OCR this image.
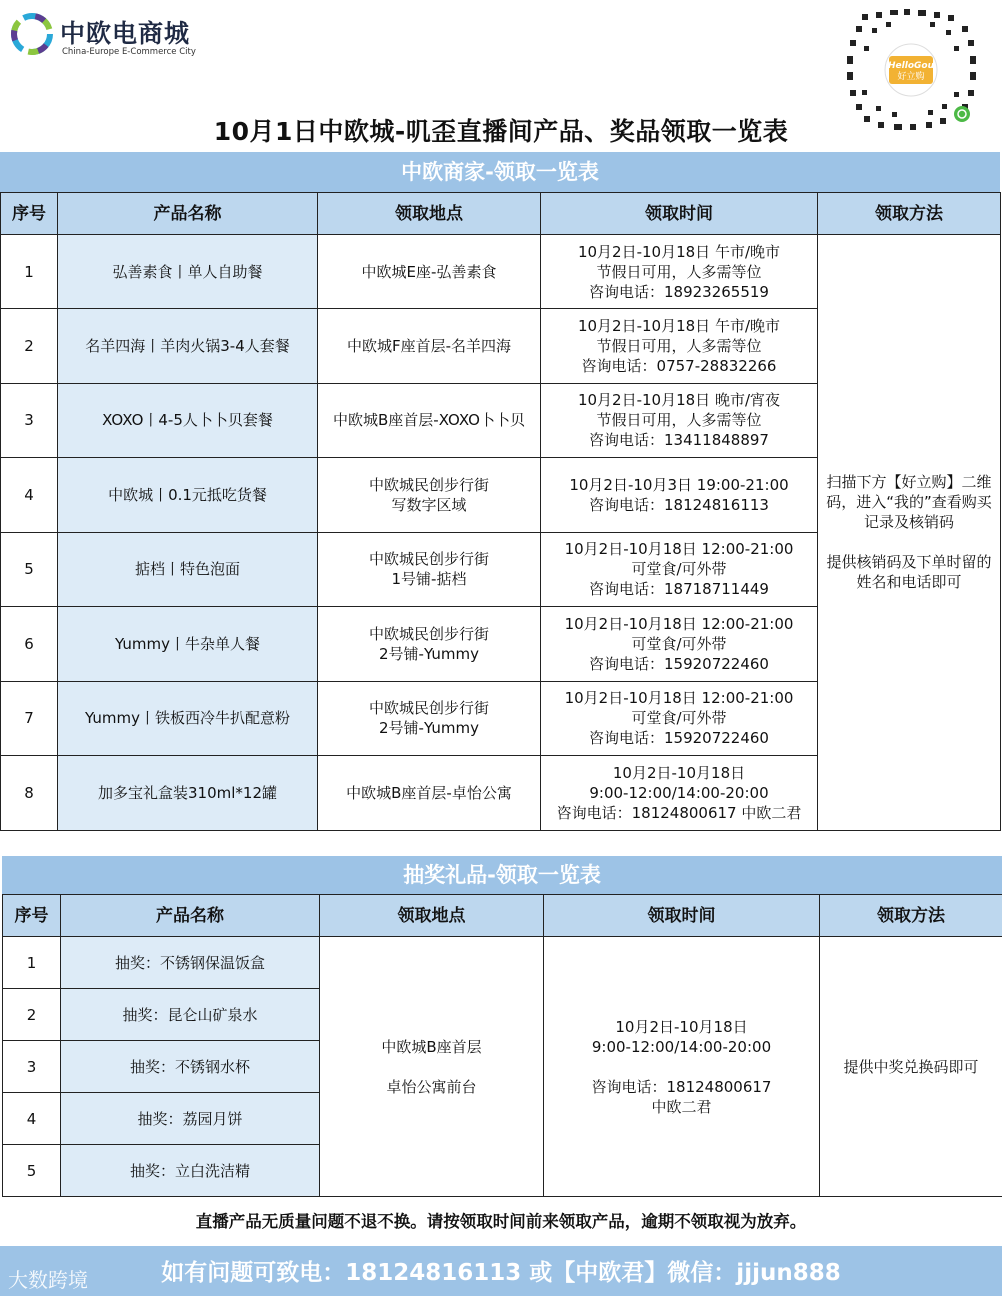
中欧电商城
China-Europe E-Commerce City
HelloGou
好立购
10月1日中欧城-叽歪直播间产品、奖品领取一览表
中欧商家-领取一览表
序号	产品名称	领取地点	领取时间	领取方法
1	弘善素食丨单人自助餐	中欧城E座-弘善素食	10月2日-10月18日 午市/晚市
节假日可用，人多需等位
咨询电话：18923265519	扫描下方【好立购】二维码，进入“我的”查看购买记录及核销码

提供核销码及下单时留的姓名和电话即可
2	名羊四海丨羊肉火锅3-4人套餐	中欧城F座首层-名羊四海	10月2日-10月18日 午市/晚市
节假日可用，人多需等位
咨询电话：0757-28832266	
3	XOXO丨4-5人卜卜贝套餐	中欧城B座首层-XOXO卜卜贝	10月2日-10月18日 晚市/宵夜
节假日可用，人多需等位
咨询电话：13411848897	
4	中欧城丨0.1元抵吃货餐	中欧城民创步行街
写数字区域	10月2日-10月3日 19:00-21:00
咨询电话：18124816113	
5	掂档丨特色泡面	中欧城民创步行街
1号铺-掂档	10月2日-10月18日 12:00-21:00
可堂食/可外带
咨询电话：18718711449	
6	Yummy丨牛杂单人餐	中欧城民创步行街
2号铺-Yummy	10月2日-10月18日 12:00-21:00
可堂食/可外带
咨询电话：15920722460	
7	Yummy丨铁板西冷牛扒配意粉	中欧城民创步行街
2号铺-Yummy	10月2日-10月18日 12:00-21:00
可堂食/可外带
咨询电话：15920722460	
8	加多宝礼盒装310ml*12罐	中欧城B座首层-卓怡公寓	10月2日-10月18日
9:00-12:00/14:00-20:00
咨询电话：18124800617 中欧二君	
抽奖礼品-领取一览表
序号	产品名称	领取地点	领取时间	领取方法
1	抽奖：不锈钢保温饭盒	中欧城B座首层

卓怡公寓前台	10月2日-10月18日
9:00-12:00/14:00-20:00

咨询电话：18124800617
中欧二君	提供中奖兑换码即可
2	抽奖：昆仑山矿泉水			
3	抽奖：不锈钢水杯			
4	抽奖：荔园月饼			
5	抽奖：立白洗洁精			
直播产品无质量问题不退不换。请按领取时间前来领取产品，逾期不领取视为放弃。
如有问题可致电：18124816113 或【中欧君】微信：jjjun888
大数跨境
